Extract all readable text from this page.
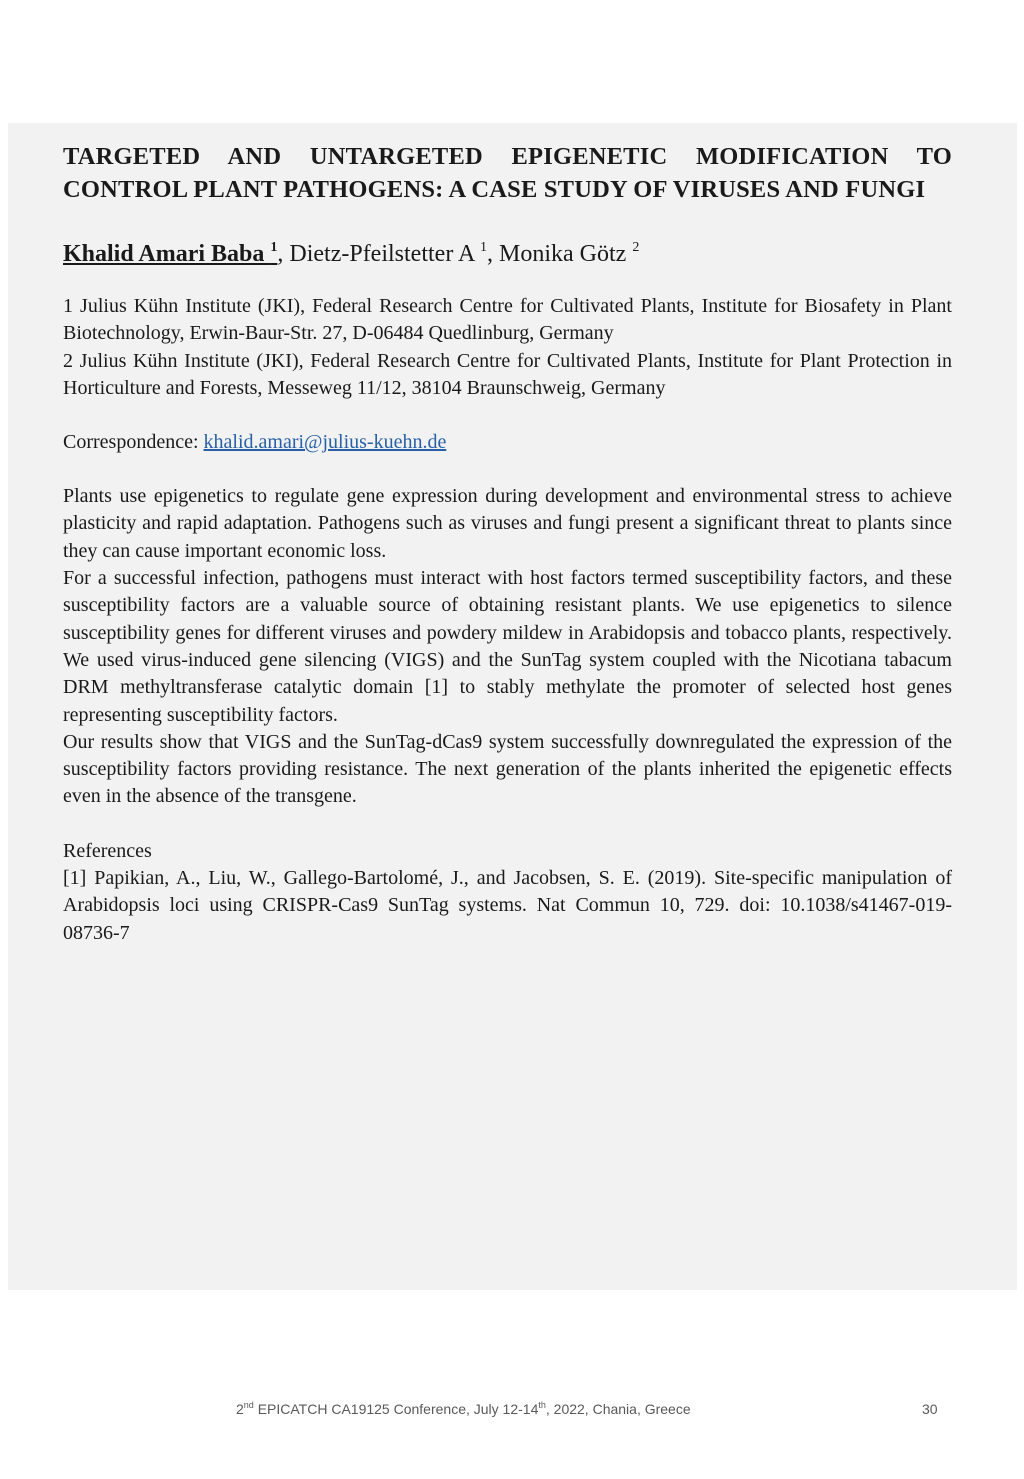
TARGETED AND UNTARGETED EPIGENETIC MODIFICATION TO CONTROL PLANT PATHOGENS: A CASE STUDY OF VIRUSES AND FUNGI
Khalid Amari Baba $^1$, Dietz-Pfeilstetter A $^1$, Monika Götz $^2$

1 Julius Kühn Institute (JKI), Federal Research Centre for Cultivated Plants, Institute for Biosafety in Plant Biotechnology, Erwin-Baur-Str. 27, D-06484 Quedlinburg, Germany

2 Julius Kühn Institute (JKI), Federal Research Centre for Cultivated Plants, Institute for Plant Protection in Horticulture and Forests, Messeweg 11/12, 38104 Braunschweig, Germany

Correspondence: khalid.amari@julius-kuehn.de

Plants use epigenetics to regulate gene expression during development and environmental stress to achieve plasticity and rapid adaptation. Pathogens such as viruses and fungi present a significant threat to plants since they can cause important economic loss.

For a successful infection, pathogens must interact with host factors termed susceptibility factors, and these susceptibility factors are a valuable source of obtaining resistant plants. We use epigenetics to silence susceptibility genes for different viruses and powdery mildew in Arabidopsis and tobacco plants, respectively. We used virus-induced gene silencing (VIGS) and the SunTag system coupled with the Nicotiana tabacum DRM methyltransferase catalytic domain [1] to stably methylate the promoter of selected host genes representing susceptibility factors.

Our results show that VIGS and the SunTag-dCas9 system successfully downregulated the expression of the susceptibility factors providing resistance. The next generation of the plants inherited the epigenetic effects even in the absence of the transgene.

References

[1] Papikian, A., Liu, W., Gallego-Bartolomé, J., and Jacobsen, S. E. (2019). Site-specific manipulation of Arabidopsis loci using CRISPR-Cas9 SunTag systems. Nat Commun 10, 729. doi: 10.1038/s41467-019-08736-7

2nd EPICATCH CA19125 Conference, July 12-14th, 2022, Chania, Greece	30
